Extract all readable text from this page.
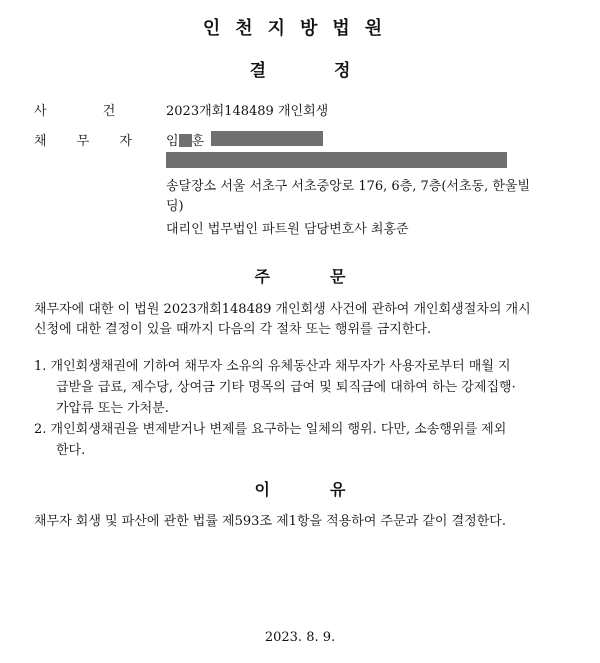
인천지방법원
결	정
사 건 2023개회148489 개인회생
채 무 자 임 훈
송달장소 서울 서초구 서초중앙로 176, 6층, 7층(서초동, 한울빌
딩)
대리인 법무법인 파트원 담당변호사 최홍준
주	문
채무자에 대한 이 법원 2023개회148489 개인회생 사건에 관하여 개인회생절차의 개시
신청에 대한 결정이 있을 때까지 다음의 각 절차 또는 행위를 금지한다.
1. 개인회생채권에 기하여 채무자 소유의 유체동산과 채무자가 사용자로부터 매월 지
급받을 급료, 제수당, 상여금 기타 명목의 급여 및 퇴직금에 대하여 하는 강제집행·
가압류 또는 가처분.
2. 개인회생채권을 변제받거나 변제를 요구하는 일체의 행위. 다만, 소송행위를 제외
한다.
이	유
채무자 회생 및 파산에 관한 법률 제593조 제1항을 적용하여 주문과 같이 결정한다.
2023. 8. 9.
